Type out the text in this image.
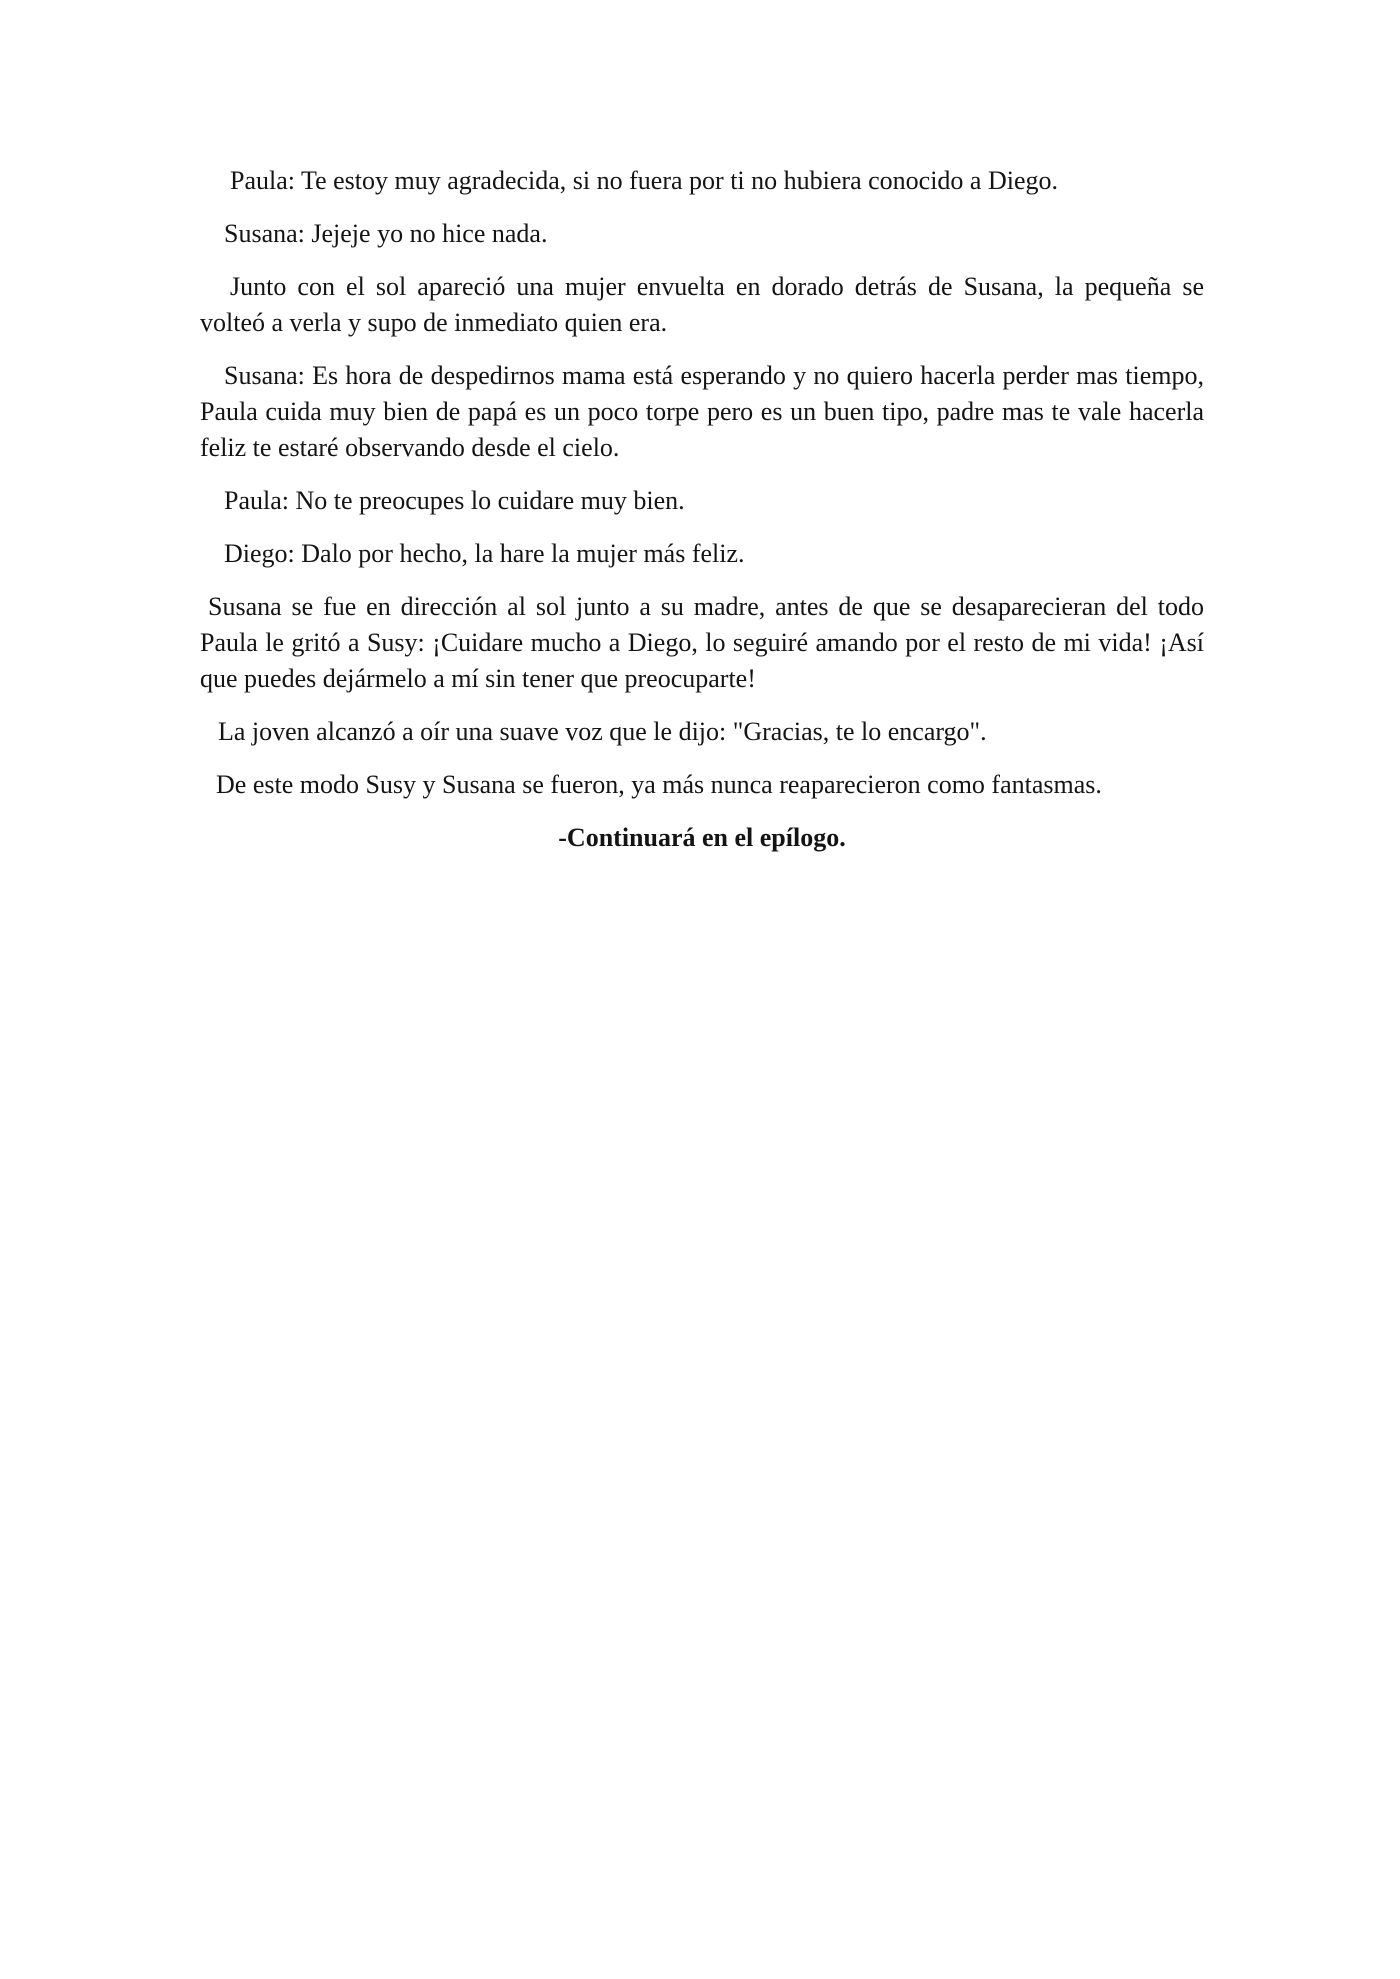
Paula: Te estoy muy agradecida, si no fuera por ti no hubiera conocido a Diego.

Susana: Jejeje yo no hice nada.

Junto con el sol apareció una mujer envuelta en dorado detrás de Susana, la pequeña se volteó a verla y supo de inmediato quien era.

Susana: Es hora de despedirnos mama está esperando y no quiero hacerla perder mas tiempo, Paula cuida muy bien de papá es un poco torpe pero es un buen tipo, padre mas te vale hacerla feliz te estaré observando desde el cielo.

Paula: No te preocupes lo cuidare muy bien.

Diego: Dalo por hecho, la hare la mujer más feliz.

Susana se fue en dirección al sol junto a su madre, antes de que se desaparecieran del todo Paula le gritó a Susy: ¡Cuidare mucho a Diego, lo seguiré amando por el resto de mi vida! ¡Así que puedes dejármelo a mí sin tener que preocuparte!

La joven alcanzó a oír una suave voz que le dijo: "Gracias, te lo encargo".

De este modo Susy y Susana se fueron, ya más nunca reaparecieron como fantasmas.

-Continuará en el epílogo.
